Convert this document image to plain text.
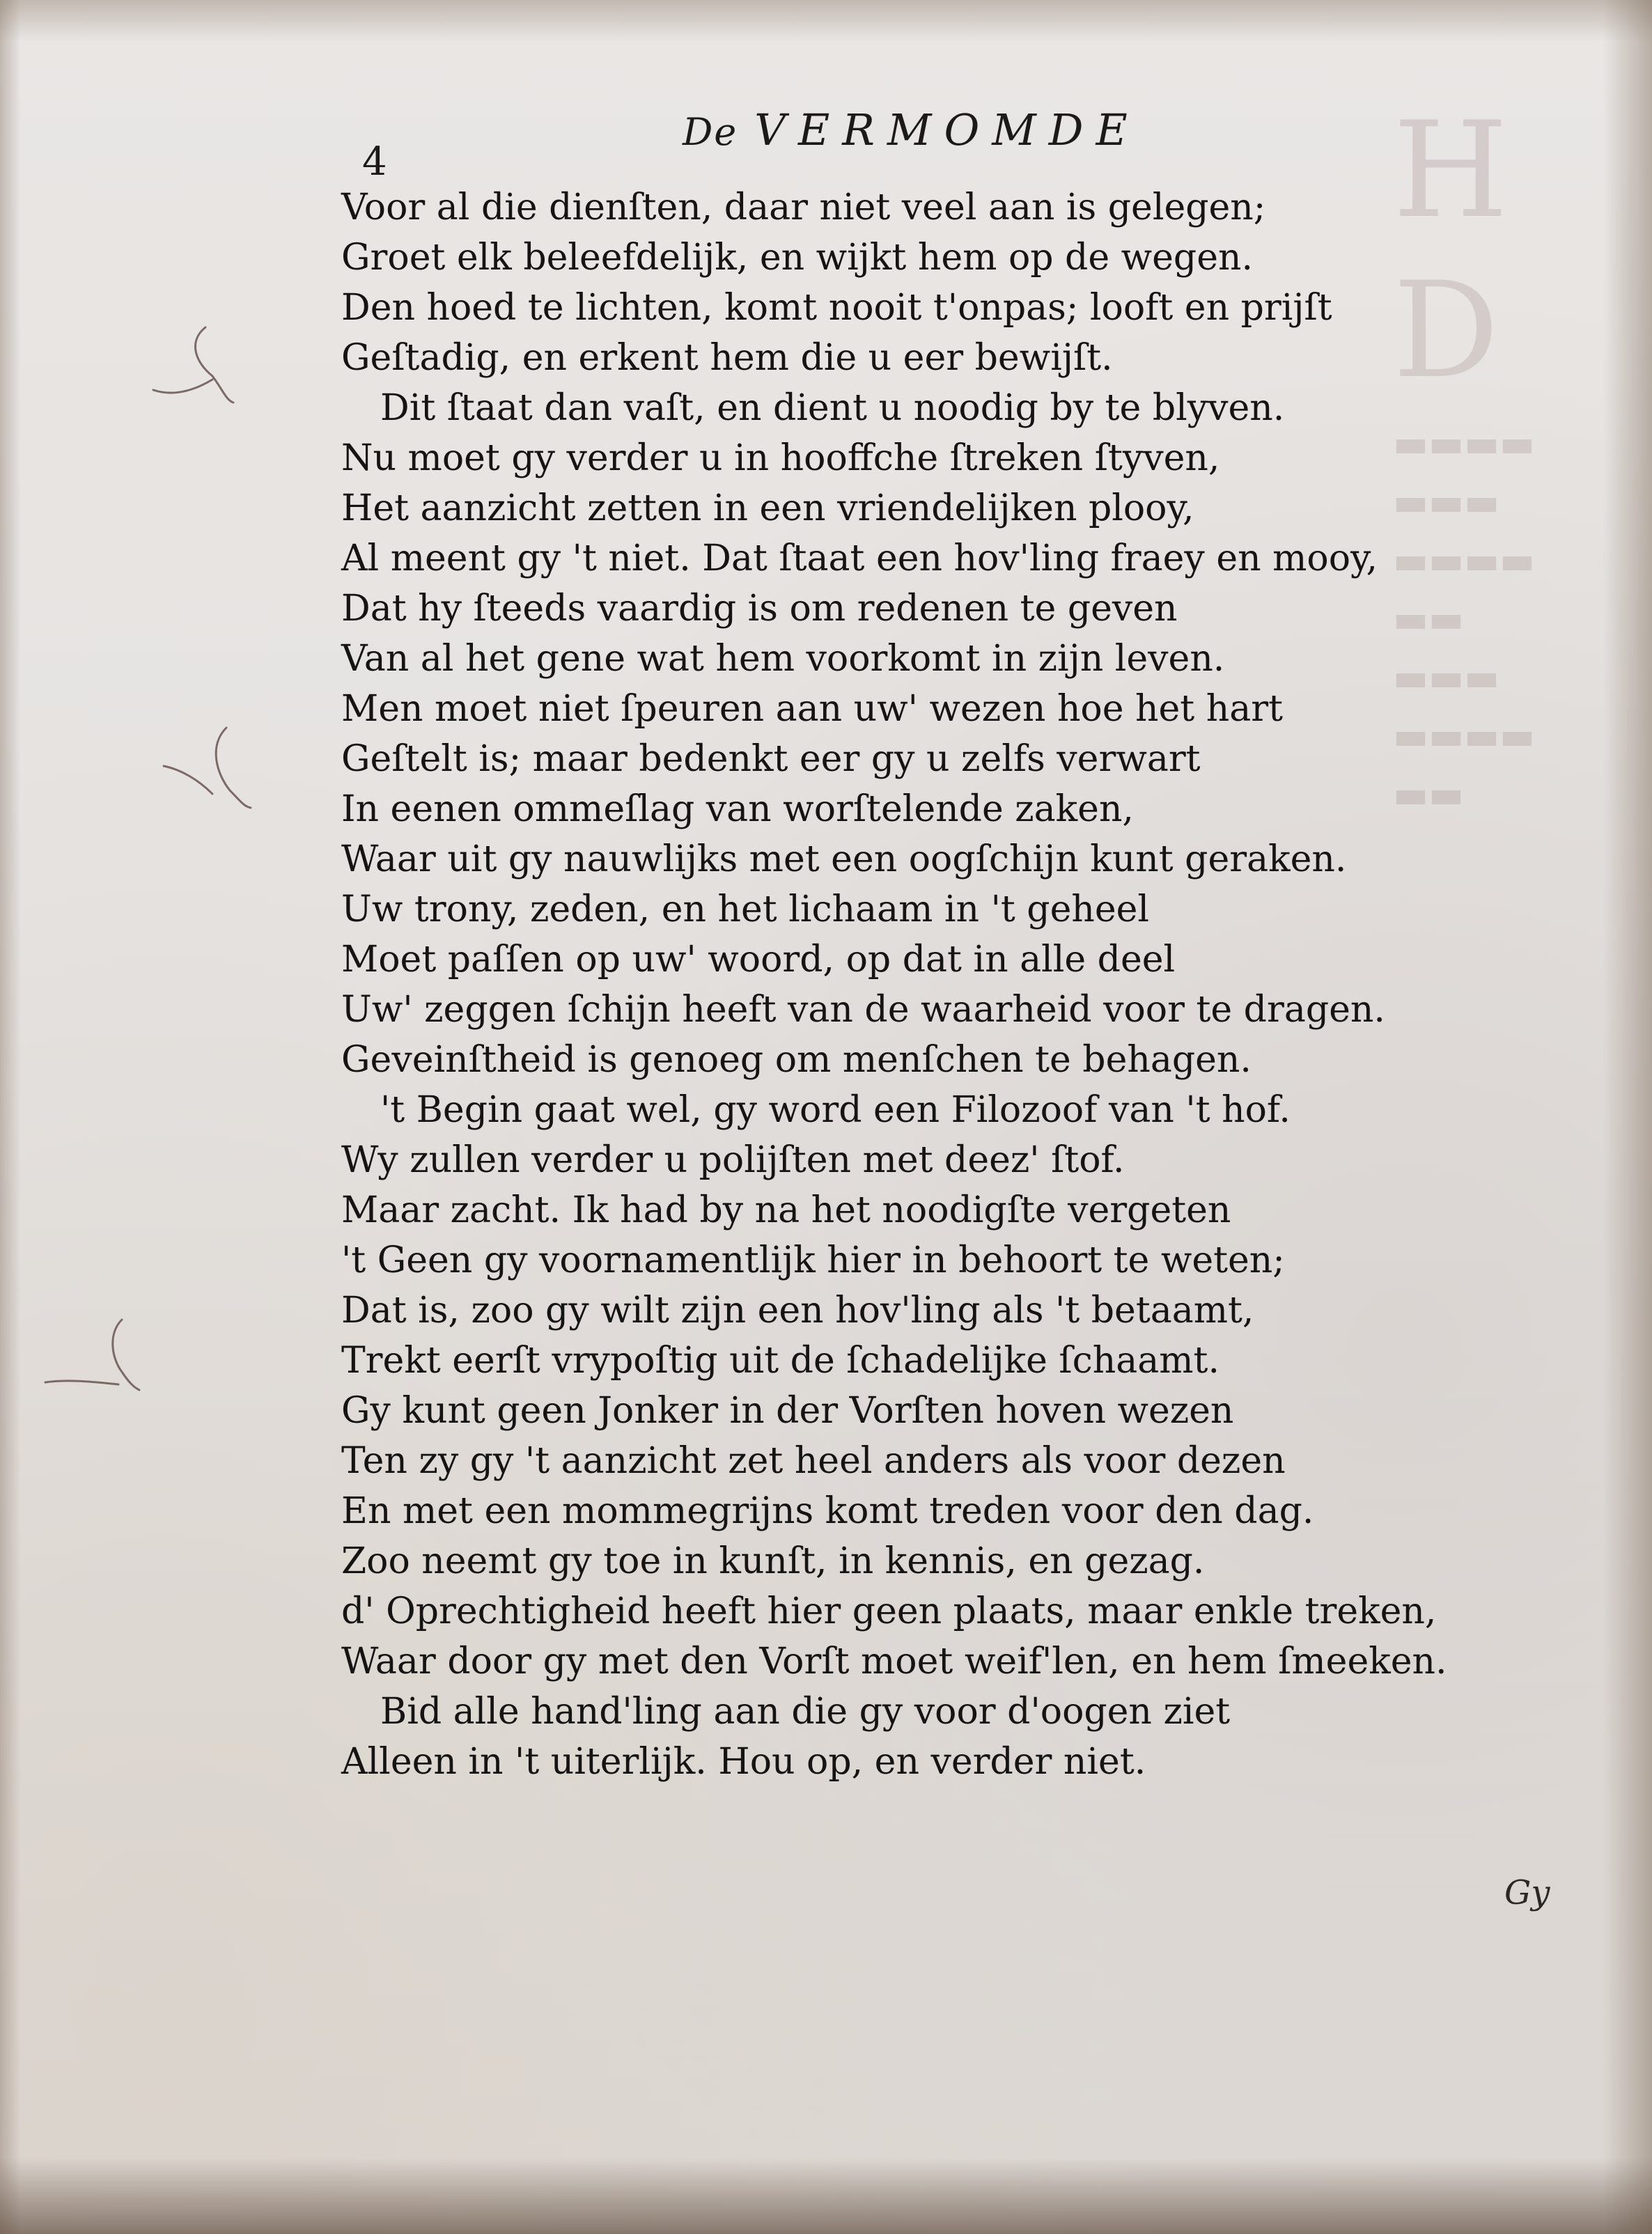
H
D
▬▬▬▬
▬▬▬
▬▬▬▬
▬▬
▬▬▬
▬▬▬▬
▬▬
4
De VERMOMDE
Voor al die dienſten, daar niet veel aan is gelegen;
Groet elk beleefdelijk, en wijkt hem op de wegen.
Den hoed te lichten, komt nooit t'onpas; looft en prijſt
Geſtadig, en erkent hem die u eer bewijſt.
Dit ſtaat dan vaſt, en dient u noodig by te blyven.
Nu moet gy verder u in hooffche ſtreken ſtyven,
Het aanzicht zetten in een vriendelijken plooy,
Al meent gy 't niet. Dat ſtaat een hov'ling fraey en mooy,
Dat hy ſteeds vaardig is om redenen te geven
Van al het gene wat hem voorkomt in zijn leven.
Men moet niet ſpeuren aan uw' wezen hoe het hart
Geſtelt is; maar bedenkt eer gy u zelfs verwart
In eenen ommeſlag van worſtelende zaken,
Waar uit gy nauwlijks met een oogſchijn kunt geraken.
Uw trony, zeden, en het lichaam in 't geheel
Moet paſſen op uw' woord, op dat in alle deel
Uw' zeggen ſchijn heeft van de waarheid voor te dragen.
Geveinſtheid is genoeg om menſchen te behagen.
't Begin gaat wel, gy word een Filozoof van 't hof.
Wy zullen verder u polijſten met deez' ſtof.
Maar zacht. Ik had by na het noodigſte vergeten
't Geen gy voornamentlijk hier in behoort te weten;
Dat is, zoo gy wilt zijn een hov'ling als 't betaamt,
Trekt eerſt vrypoſtig uit de ſchadelijke ſchaamt.
Gy kunt geen Jonker in der Vorſten hoven wezen
Ten zy gy 't aanzicht zet heel anders als voor dezen
En met een mommegrijns komt treden voor den dag.
Zoo neemt gy toe in kunſt, in kennis, en gezag.
d' Oprechtigheid heeft hier geen plaats, maar enkle treken,
Waar door gy met den Vorſt moet weif'len, en hem ſmeeken.
Bid alle hand'ling aan die gy voor d'oogen ziet
Alleen in 't uiterlijk. Hou op, en verder niet.
Gy
